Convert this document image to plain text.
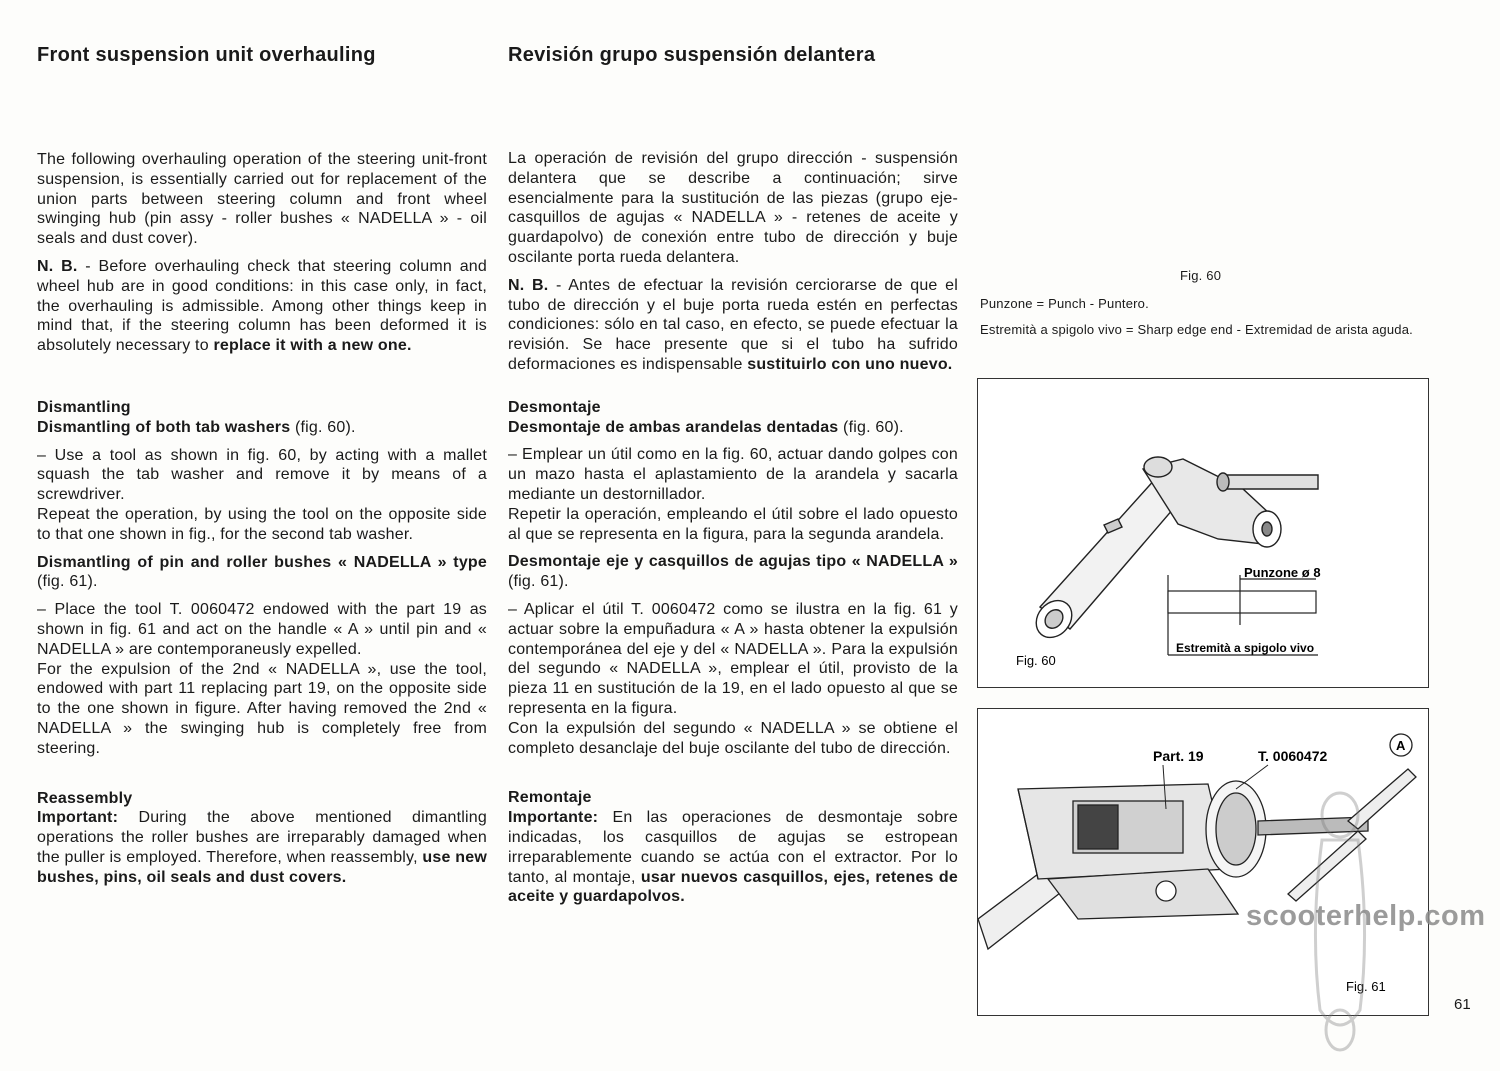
Front suspension unit overhauling

The following overhauling operation of the steering unit-front suspension, is essentially carried out for replacement of the union parts between steering column and front wheel swinging hub (pin assy - roller bushes « NADELLA » - oil seals and dust cover).

N. B. - Before overhauling check that steering column and wheel hub are in good conditions: in this case only, in fact, the overhauling is admissible. Among other things keep in mind that, if the steering column has been deformed it is absolutely necessary to replace it with a new one.

Dismantling

Dismantling of both tab washers (fig. 60).

– Use a tool as shown in fig. 60, by acting with a mallet squash the tab washer and remove it by means of a screwdriver.

Repeat the operation, by using the tool on the opposite side to that one shown in fig., for the second tab washer.

Dismantling of pin and roller bushes « NADELLA » type (fig. 61).

– Place the tool T. 0060472 endowed with the part 19 as shown in fig. 61 and act on the handle « A » until pin and « NADELLA » are contemporaneusly expelled.

For the expulsion of the 2nd « NADELLA », use the tool, endowed with part 11 replacing part 19, on the opposite side to the one shown in figure. After having removed the 2nd « NADELLA » the swinging hub is completely free from steering.

Reassembly

Important: During the above mentioned dimantling operations the roller bushes are irreparably damaged when the puller is employed. Therefore, when reassembly, use new bushes, pins, oil seals and dust covers.

Revisión grupo suspensión delantera

La operación de revisión del grupo dirección - suspensión delantera que se describe a continuación; sirve esencialmente para la sustitución de las piezas (grupo eje-casquillos de agujas « NADELLA » - retenes de aceite y guardapolvo) de conexión entre tubo de dirección y buje oscilante porta rueda delantera.

N. B. - Antes de efectuar la revisión cerciorarse de que el tubo de dirección y el buje porta rueda estén en perfectas condiciones: sólo en tal caso, en efecto, se puede efectuar la revisión. Se hace presente que si el tubo ha sufrido deformaciones es indispensable sustituirlo con uno nuevo.

Desmontaje

Desmontaje de ambas arandelas dentadas (fig. 60).

– Emplear un útil como en la fig. 60, actuar dando golpes con un mazo hasta el aplastamiento de la arandela y sacarla mediante un destornillador.

Repetir la operación, empleando el útil sobre el lado opuesto al que se representa en la figura, para la segunda arandela.

Desmontaje eje y casquillos de agujas tipo « NADELLA » (fig. 61).

– Aplicar el útil T. 0060472 como se ilustra en la fig. 61 y actuar sobre la empuñadura « A » hasta obtener la expulsión contemporánea del eje y del « NADELLA ». Para la expulsión del segundo « NADELLA », emplear el útil, provisto de la pieza 11 en sustitución de la 19, en el lado opuesto al que se representa en la figura.

Con la expulsión del segundo « NADELLA » se obtiene el completo desanclaje del buje oscilante del tubo de dirección.

Remontaje

Importante: En las operaciones de desmontaje sobre indicadas, los casquillos de agujas se estropean irreparablemente cuando se actúa con el extractor. Por lo tanto, al montaje, usar nuevos casquillos, ejes, retenes de aceite y guardapolvos.

Fig. 60
Punzone = Punch - Puntero.
Estremità a spigolo vivo = Sharp edge end - Extremidad de arista aguda.
Punzone ø 8
Estremità a spigolo vivo
Fig. 60
Part. 19	T. 0060472
A
Fig. 61
scooterhelp.com
61
